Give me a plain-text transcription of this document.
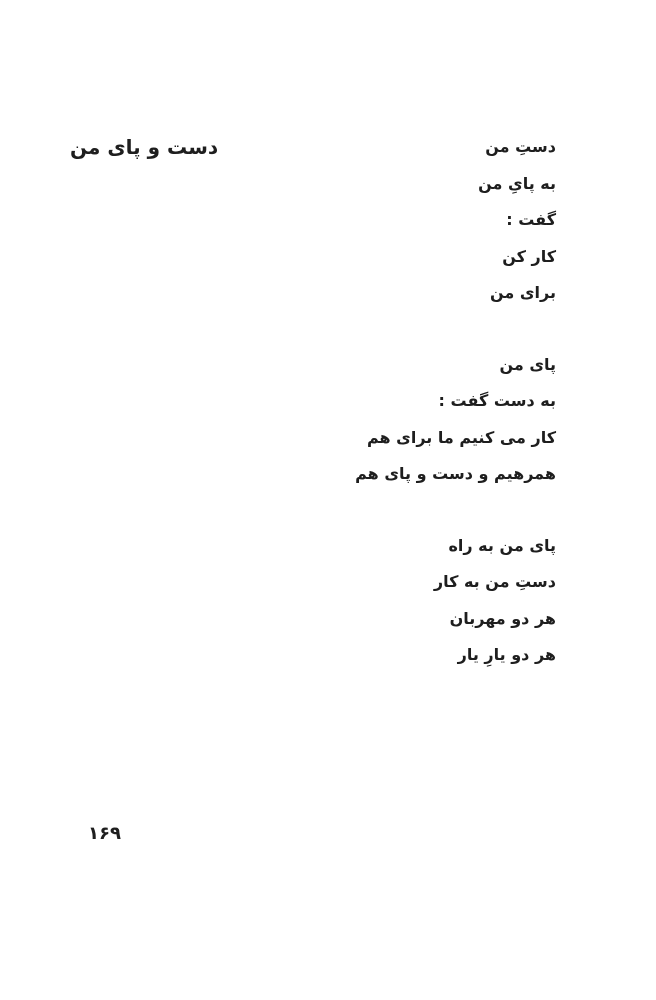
دست و پای من	دستِ من
به پایِ من
گفت :
کار کن
برای من
پای من
به دست گفت :
کار می کنیم ما برای هم
همرهیم و دست و پای هم
پای من به راه
دستِ من به کار
هر دو مهربان
هر دو یارِ یار
۱۶۹
